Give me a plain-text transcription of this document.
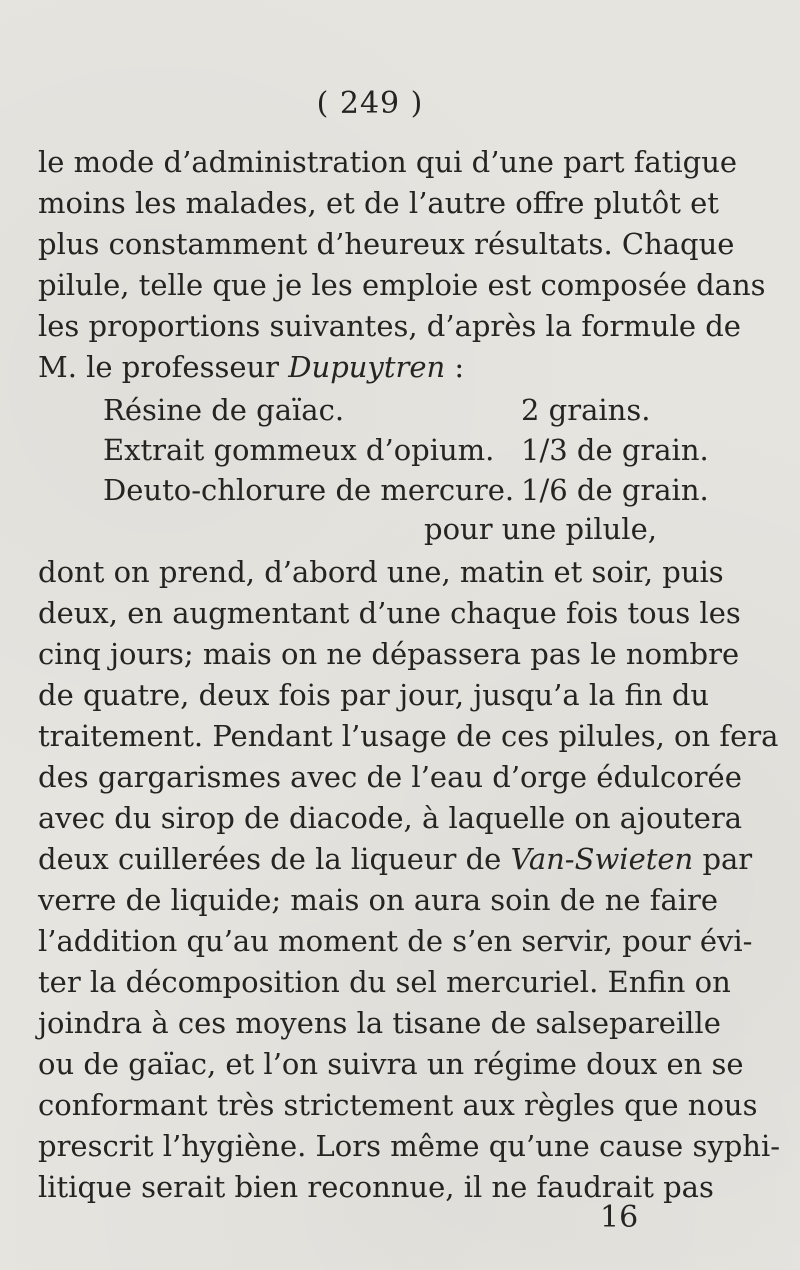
( 249 )
le mode d’administration qui d’une part fatigue
moins les malades, et de l’autre offre plutôt et
plus constamment d’heureux résultats. Chaque
pilule, telle que je les emploie est composée dans
les proportions suivantes, d’après la formule de
M. le professeur Dupuytren :
Résine de gaïac.	2 grains.
Extrait gommeux d’opium. 1/3 de grain.
Deuto-chlorure de mercure. 1/6 de grain.
pour une pilule,
dont on prend, d’abord une, matin et soir, puis
deux, en augmentant d’une chaque fois tous les
cinq jours; mais on ne dépassera pas le nombre
de quatre, deux fois par jour, jusqu’a la fin du
traitement. Pendant l’usage de ces pilules, on fera
des gargarismes avec de l’eau d’orge édulcorée
avec du sirop de diacode, à laquelle on ajoutera
deux cuillerées de la liqueur de Van-Swieten par
verre de liquide; mais on aura soin de ne faire
l’addition qu’au moment de s’en servir, pour évi-
ter la décomposition du sel mercuriel. Enfin on
joindra à ces moyens la tisane de salsepareille
ou de gaïac, et l’on suivra un régime doux en se
conformant très strictement aux règles que nous
prescrit l’hygiène. Lors même qu’une cause syphi-
litique serait bien reconnue, il ne faudrait pas
16
